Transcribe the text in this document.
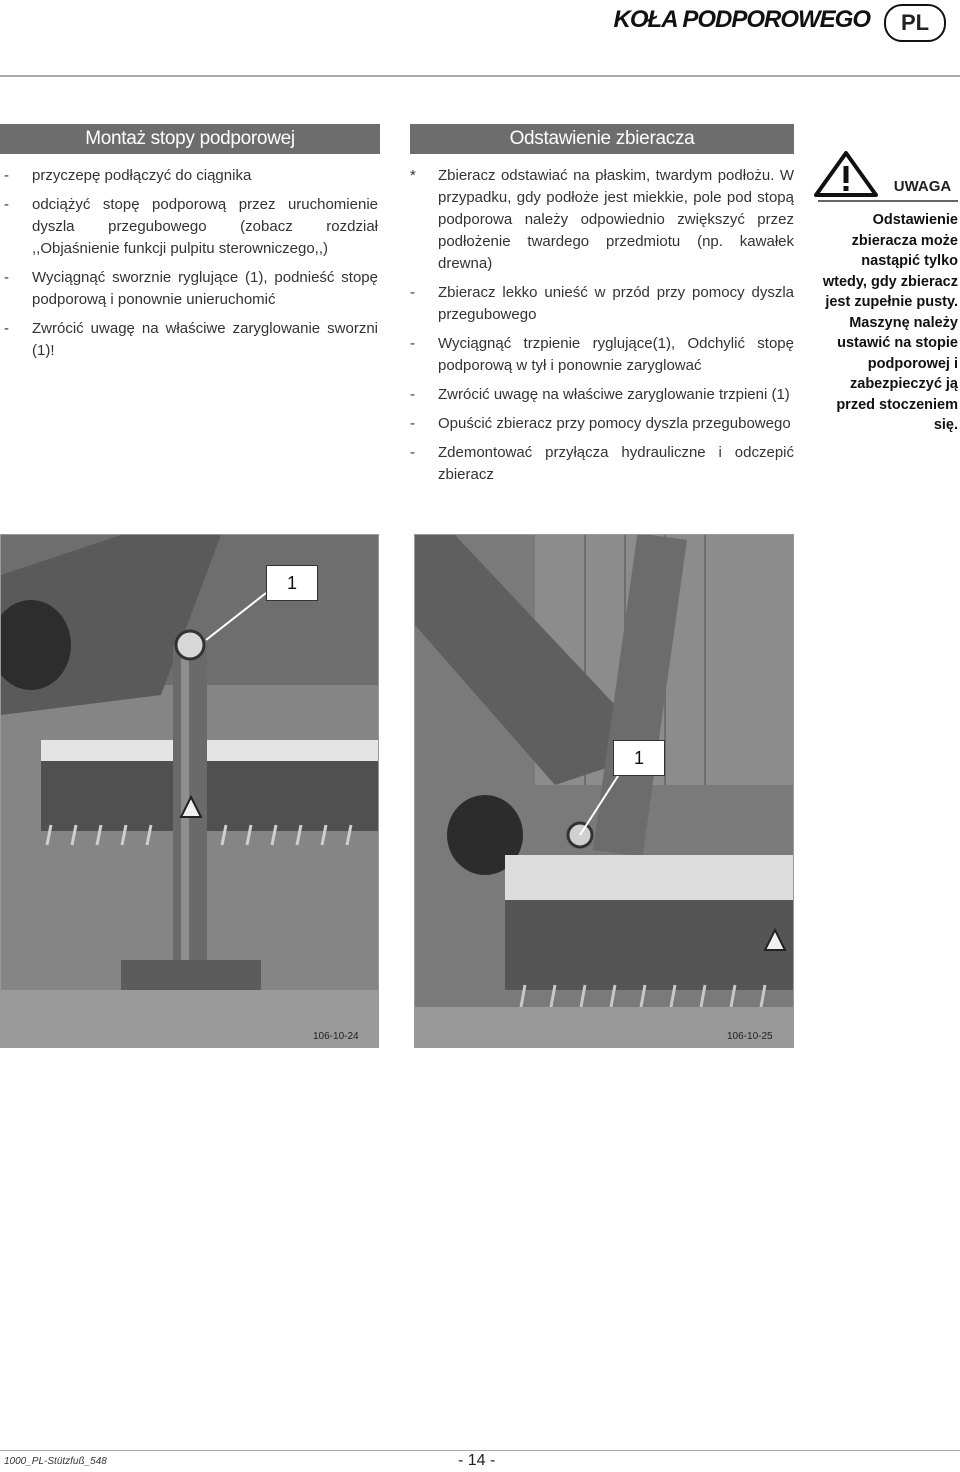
KOŁA PODPOROWEGO	PL
Montaż stopy podporowej
- przyczepę podłączyć do ciągnika
- odciążyć stopę podporową przez uruchomienie dyszla przegubowego (zobacz rozdział ,,Objaśnienie funkcji pulpitu sterowniczego,,)
- Wyciągnąć sworznie ryglujące (1), podnieść stopę podporową i ponownie unieruchomić
- Zwrócić uwagę na właściwe zaryglowanie sworzni (1)!
Odstawienie zbieracza
* Zbieracz odstawiać na płaskim, twardym podłożu. W przypadku, gdy podłoże jest miekkie, pole pod stopą podporowa należy odpowiednio zwiększyć przez podłożenie twardego przedmiotu (np. kawałek drewna)
- Zbieracz lekko unieść w przód przy pomocy dyszla przegubowego
- Wyciągnąć trzpienie ryglujące(1), Odchylić stopę podporową w tył i ponownie zaryglować
- Zwrócić uwagę na właściwe zaryglowanie trzpieni (1)
- Opuścić zbieracz przy pomocy dyszla przegubowego
- Zdemontować przyłącza hydrauliczne i odczepić zbieracz
UWAGA
Odstawienie zbieracza może nastąpić tylko wtedy, gdy zbieracz jest zupełnie pusty. Maszynę należy ustawić na stopie podporowej i zabezpieczyć ją przed stoczeniem się.
1
106-10-24
1
106-10-25
1000_PL-Stützfuß_548	- 14 -
